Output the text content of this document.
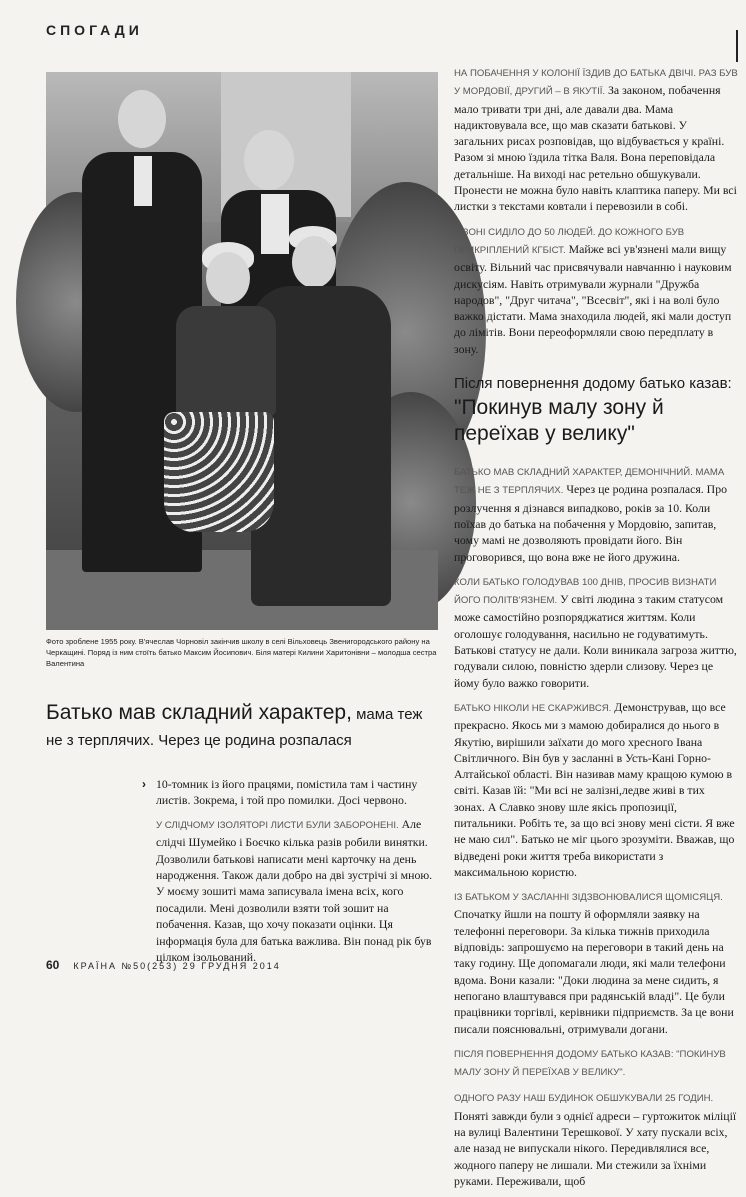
СПОГАДИ
Фото зроблене 1955 року. В'ячеслав Чорновіл закінчив школу в селі Вільховець Звенигородського району на Черкащині. Поряд із ним стоїть батько Максим Йосипович. Біля матері Килини Харитонівни – молодша сестра Валентина
Батько мав складний характер, мама теж не з терплячих. Через це родина розпалася

› 10-томник із його працями, помістила там і частину листів. Зокрема, і той про помилки. Досі червоно.

У СЛІДЧОМУ ІЗОЛЯТОРІ ЛИСТИ БУЛИ ЗАБОРОНЕНІ. Але слідчі Шумейко і Боєчко кілька разів робили винятки. Дозволили батькові написати мені карточку на день народження. Також дали добро на дві зустрічі зі мною. У моєму зошиті мама записувала імена всіх, кого посадили. Мені дозволили взяти той зошит на побачення. Казав, що хочу показати оцінки. Ця інформація була для батька важлива. Він понад рік був цілком ізольований.

НА ПОБАЧЕННЯ У КОЛОНІЇ ЇЗДИВ ДО БАТЬКА ДВІЧІ. РАЗ БУВ У МОРДОВІЇ, ДРУГИЙ – В ЯКУТІЇ. За законом, побачення мало тривати три дні, але давали два. Мама надиктовувала все, що мав сказати батькові. У загальних рисах розповідав, що відбувається у країні. Разом зі мною їздила тітка Валя. Вона переповідала детальніше. На виході нас ретельно обшукували. Пронести не можна було навіть клаптика паперу. Ми всі листки з текстами ковтали і перевозили в собі.

У ЗОНІ СИДІЛО ДО 50 ЛЮДЕЙ. ДО КОЖНОГО БУВ ПРИКРІПЛЕНИЙ КГБІСТ. Майже всі ув'язнені мали вищу освіту. Вільний час присвячували навчанню і науковим дискусіям. Навіть отримували журнали "Дружба народов", "Друг читача", "Всесвіт", які і на волі було важко дістати. Мама знаходила людей, які мали доступ до лімітів. Вони переоформляли свою передплату в зону.

Після повернення додому батько казав: "Покинув малу зону й переїхав у велику"

БАТЬКО МАВ СКЛАДНИЙ ХАРАКТЕР, ДЕМОНІЧНИЙ. МАМА ТЕЖ НЕ З ТЕРПЛЯЧИХ. Через це родина розпалася. Про розлучення я дізнався випадково, років за 10. Коли поїхав до батька на побачення у Мордовію, запитав, чому мамі не дозволяють провідати його. Він проговорився, що вона вже не його дружина.

КОЛИ БАТЬКО ГОЛОДУВАВ 100 ДНІВ, ПРОСИВ ВИЗНАТИ ЙОГО ПОЛІТВ'ЯЗНЕМ. У світі людина з таким статусом може самостійно розпоряджатися життям. Коли оголошує голодування, насильно не годуватимуть. Батькові статусу не дали. Коли виникала загроза життю, годували силою, повністю здерли слизову. Через це йому було важко говорити.

БАТЬКО НІКОЛИ НЕ СКАРЖИВСЯ. Демонстрував, що все прекрасно. Якось ми з мамою добиралися до нього в Якутію, вирішили заїхати до мого хресного Івана Світличного. Він був у засланні в Усть-Кані Горно-Алтайської області. Він називав маму кращою кумою в світі. Казав їй: "Ми всі не залізні,ледве живі в тих зонах. А Славко знову шле якісь пропозиції, питальники. Робіть те, за що всі знову мені сісти. Я вже не маю сил". Батько не міг цього зрозуміти. Вважав, що відведені роки життя треба використати з максимальною користю.

ІЗ БАТЬКОМ У ЗАСЛАННІ ЗІДЗВОНЮВАЛИСЯ ЩОМІСЯЦЯ. Спочатку йшли на пошту й оформляли заявку на телефонні переговори. За кілька тижнів приходила відповідь: запрошуємо на переговори в такий день на таку годину. Ще допомагали люди, які мали телефони вдома. Вони казали: "Доки людина за мене сидить, я непогано влаштувався при радянській владі". Це були працівники торгівлі, керівники підприємств. За це вони писали пояснювальні, отримували догани.

ПІСЛЯ ПОВЕРНЕННЯ ДОДОМУ БАТЬКО КАЗАВ: "ПОКИНУВ МАЛУ ЗОНУ Й ПЕРЕЇХАВ У ВЕЛИКУ".

ОДНОГО РАЗУ НАШ БУДИНОК ОБШУКУВАЛИ 25 ГОДИН. Поняті завжди були з однієї адреси – гуртожиток міліції на вулиці Валентини Терешкової. У хату пускали всіх, але назад не випускали нікого. Передивлялися все, жодного паперу не лишали. Ми стежили за їхніми руками. Переживали, щоб

60 КРАЇНА №50(253) 29 ГРУДНЯ 2014
